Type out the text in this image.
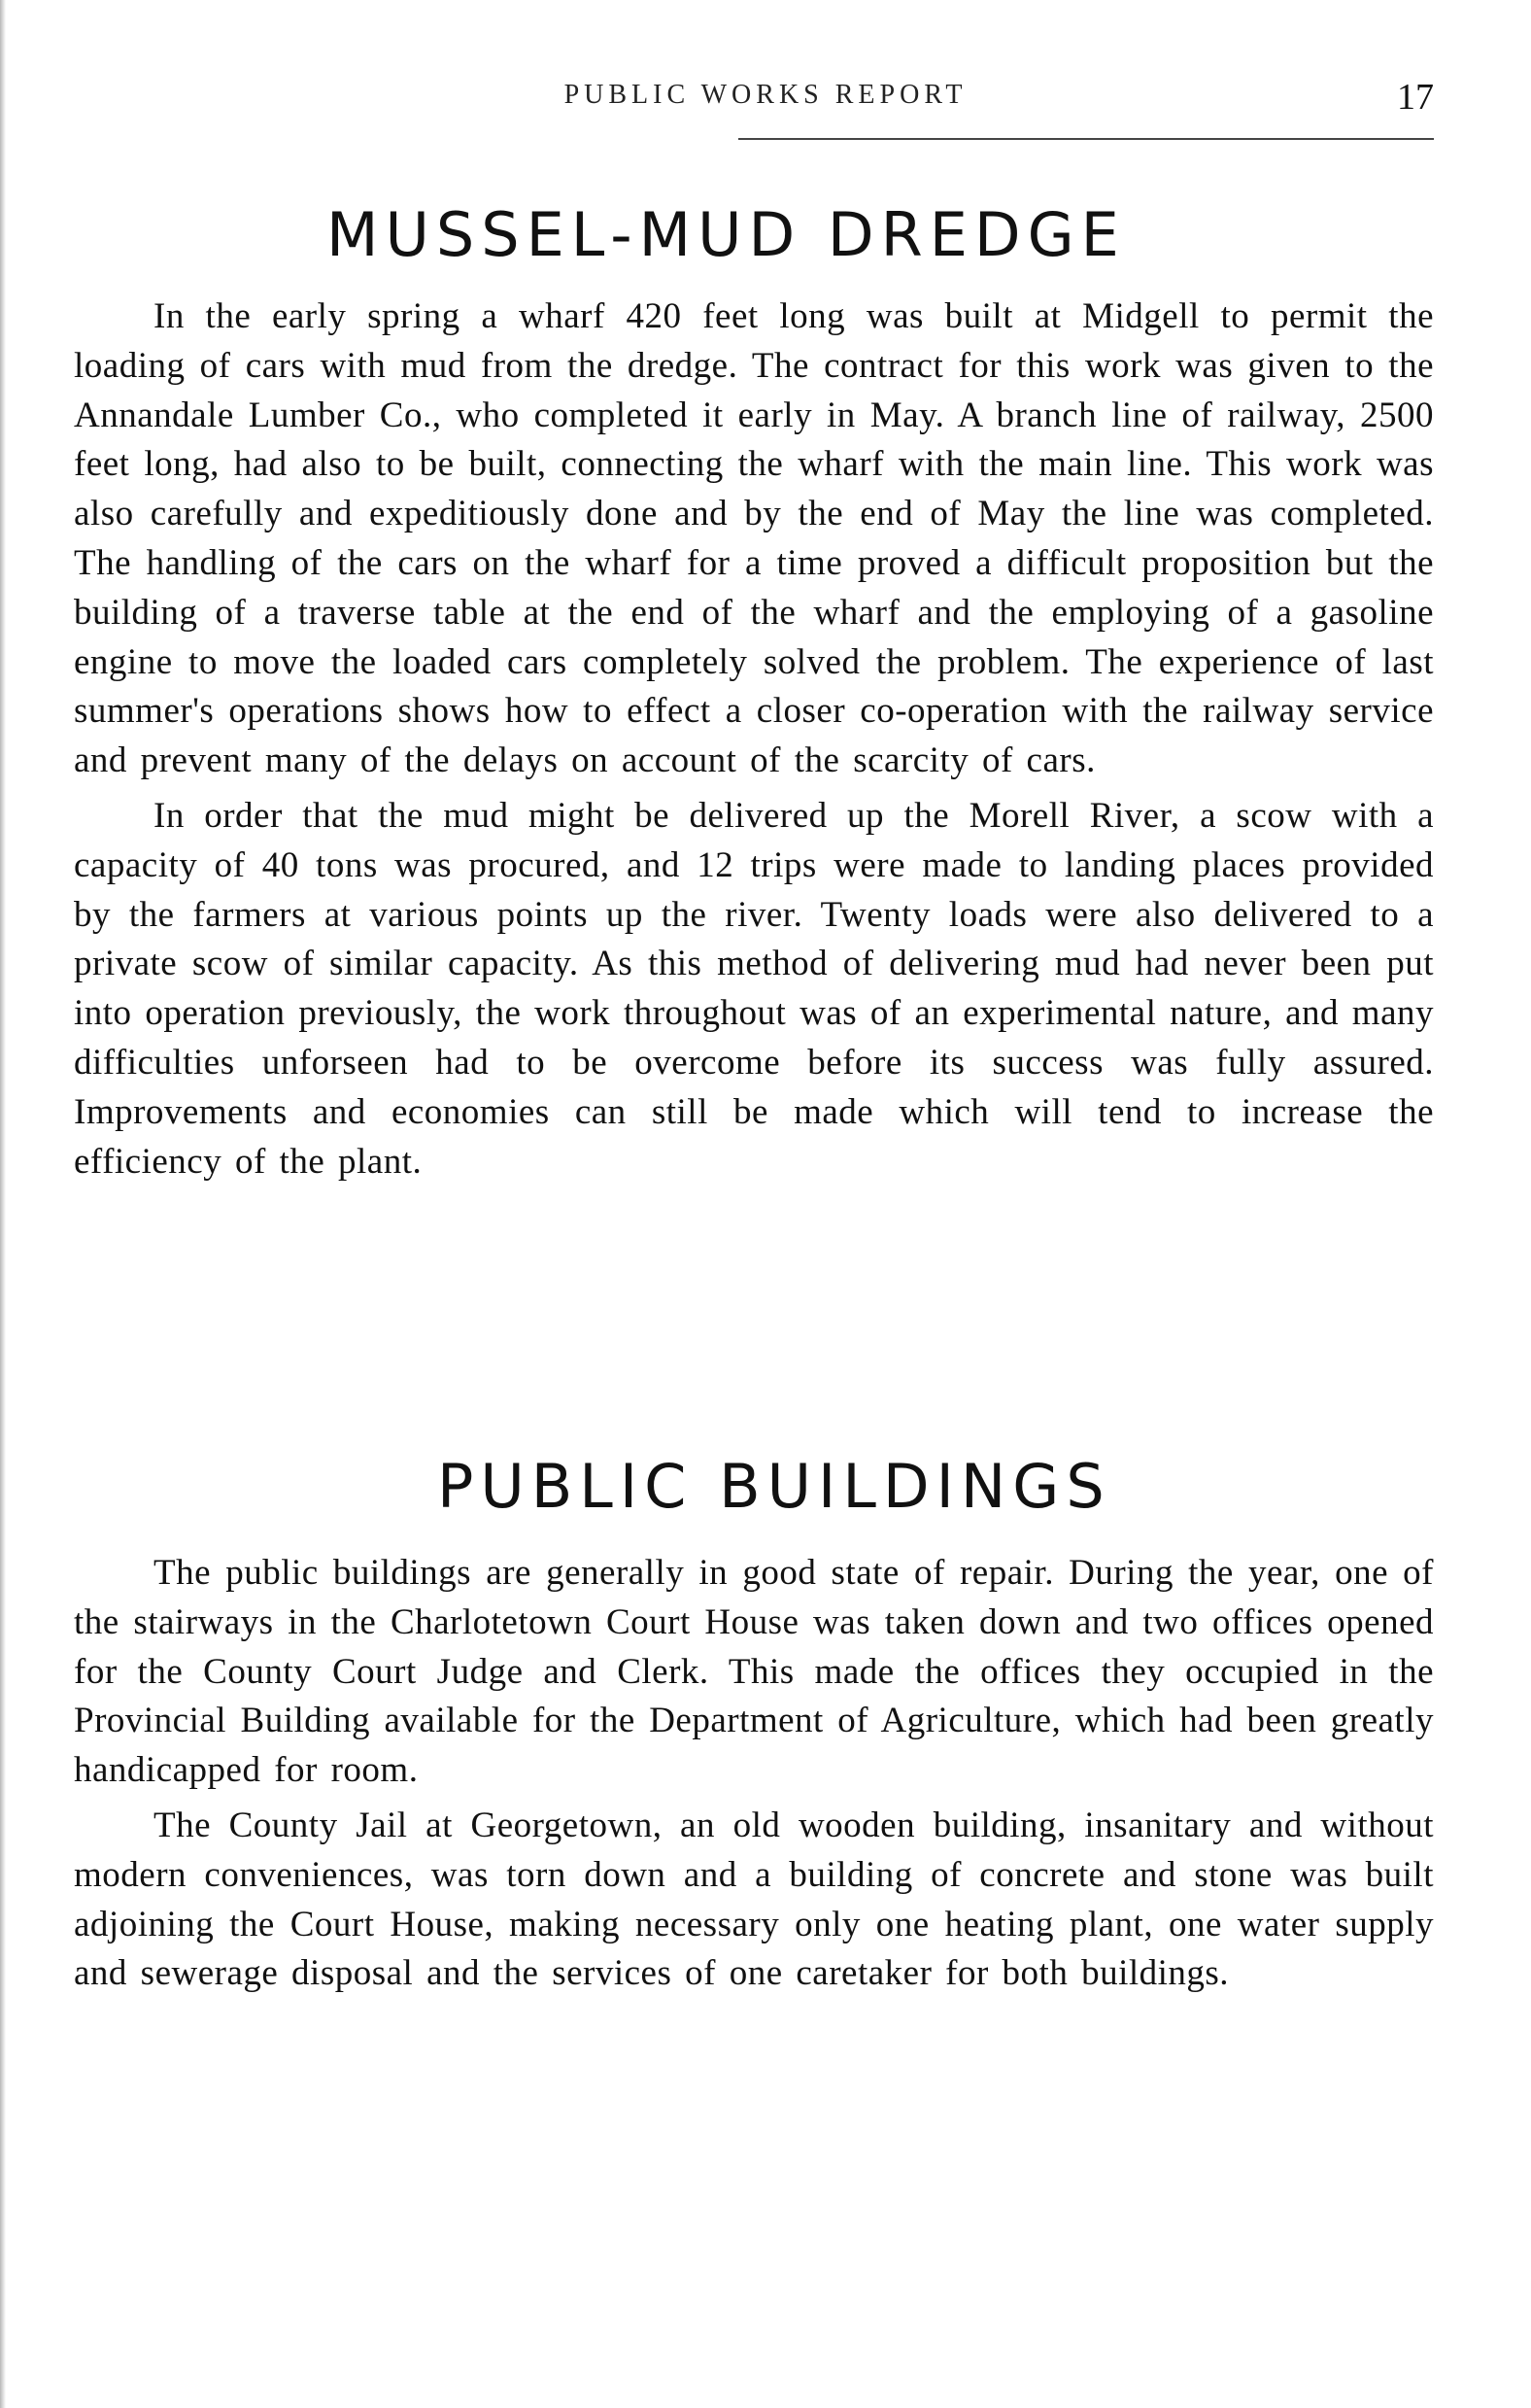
PUBLIC WORKS REPORT	17
MUSSEL-MUD DREDGE

In the early spring a wharf 420 feet long was built at Midgell to permit the loading of cars with mud from the dredge. The contract for this work was given to the Annandale Lumber Co., who completed it early in May. A branch line of railway, 2500 feet long, had also to be built, connecting the wharf with the main line. This work was also carefully and expeditiously done and by the end of May the line was completed. The handling of the cars on the wharf for a time proved a difficult proposition but the building of a traverse table at the end of the wharf and the employing of a gasoline engine to move the loaded cars completely solved the problem. The experience of last summer's operations shows how to effect a closer co-operation with the railway service and prevent many of the delays on account of the scarcity of cars.

In order that the mud might be delivered up the Morell River, a scow with a capacity of 40 tons was procured, and 12 trips were made to landing places provided by the farmers at various points up the river. Twenty loads were also delivered to a private scow of similar capacity. As this method of delivering mud had never been put into operation previously, the work throughout was of an experimental nature, and many difficulties unforseen had to be overcome before its success was fully assured. Improvements and economies can still be made which will tend to increase the efficiency of the plant.

PUBLIC BUILDINGS

The public buildings are generally in good state of repair. During the year, one of the stairways in the Charlotetown Court House was taken down and two offices opened for the County Court Judge and Clerk. This made the offices they occupied in the Provincial Building available for the Department of Agriculture, which had been greatly handicapped for room.

The County Jail at Georgetown, an old wooden building, insanitary and without modern conveniences, was torn down and a building of concrete and stone was built adjoining the Court House, making necessary only one heating plant, one water supply and sewerage disposal and the services of one caretaker for both buildings.
